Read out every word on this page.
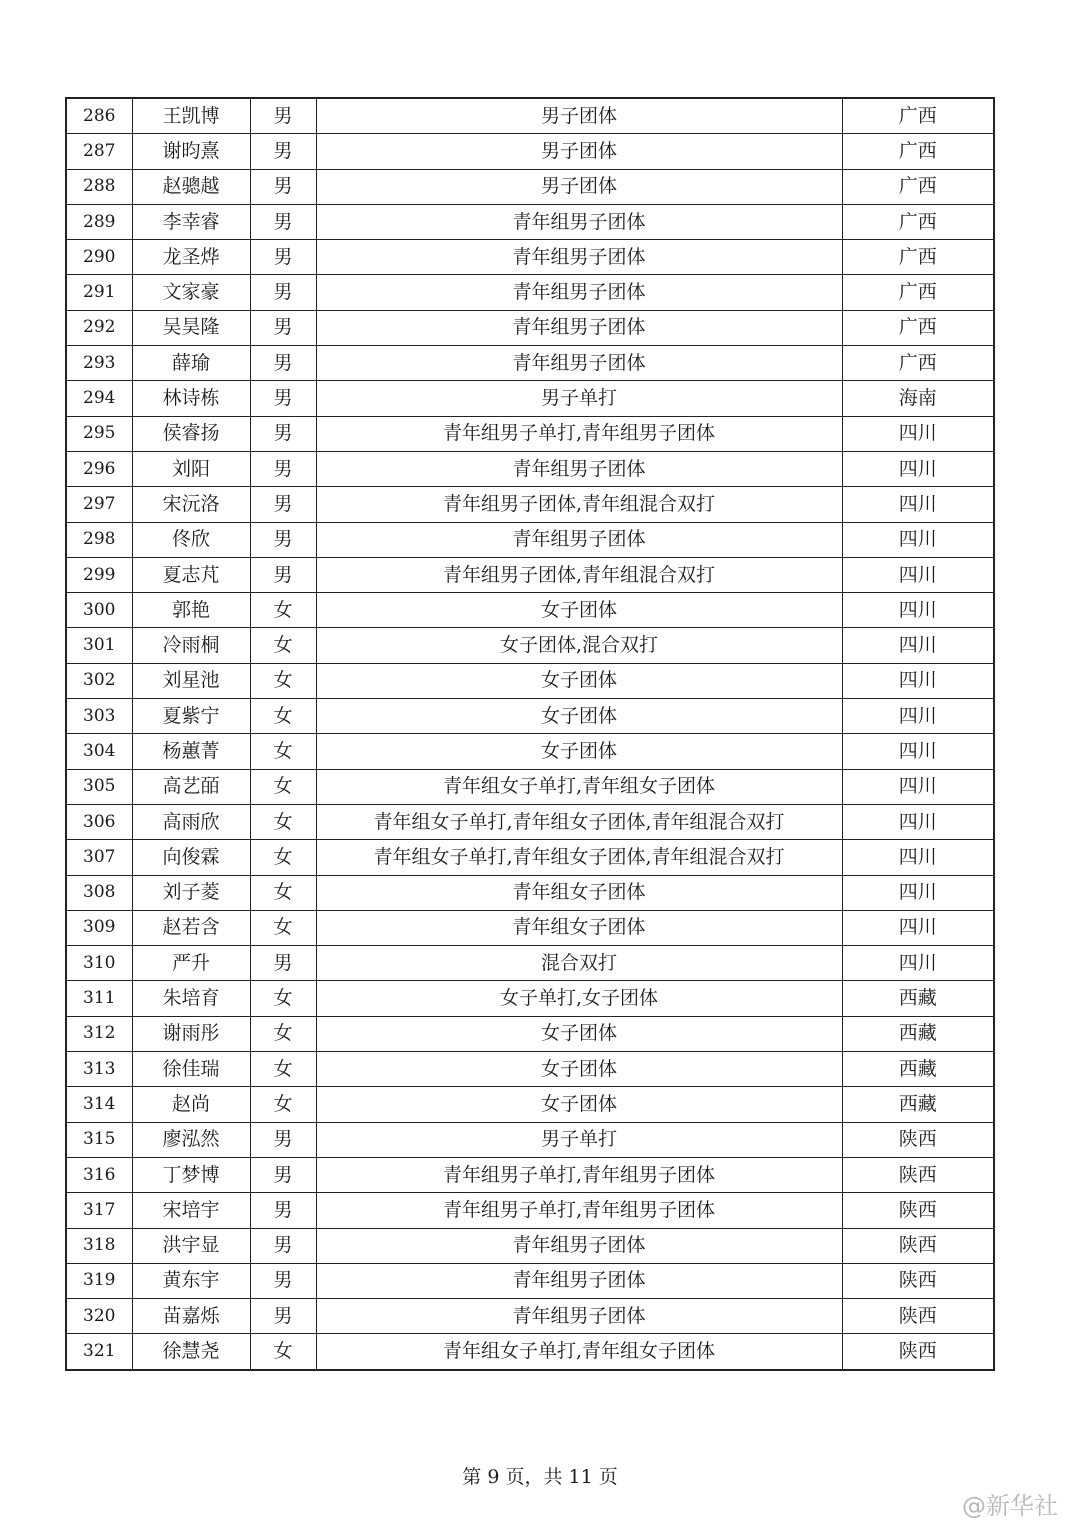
286	王凯博	男	男子团体	广西
287	谢昀熹	男	男子团体	广西
288	赵骢越	男	男子团体	广西
289	李幸睿	男	青年组男子团体	广西
290	龙圣烨	男	青年组男子团体	广西
291	文家豪	男	青年组男子团体	广西
292	吴昊隆	男	青年组男子团体	广西
293	薛瑜	男	青年组男子团体	广西
294	林诗栋	男	男子单打	海南
295	侯睿扬	男	青年组男子单打,青年组男子团体	四川
296	刘阳	男	青年组男子团体	四川
297	宋沅洛	男	青年组男子团体,青年组混合双打	四川
298	佟欣	男	青年组男子团体	四川
299	夏志芃	男	青年组男子团体,青年组混合双打	四川
300	郭艳	女	女子团体	四川
301	冷雨桐	女	女子团体,混合双打	四川
302	刘星池	女	女子团体	四川
303	夏紫宁	女	女子团体	四川
304	杨蕙菁	女	女子团体	四川
305	高艺皕	女	青年组女子单打,青年组女子团体	四川
306	高雨欣	女	青年组女子单打,青年组女子团体,青年组混合双打	四川
307	向俊霖	女	青年组女子单打,青年组女子团体,青年组混合双打	四川
308	刘子菱	女	青年组女子团体	四川
309	赵若含	女	青年组女子团体	四川
310	严升	男	混合双打	四川
311	朱培育	女	女子单打,女子团体	西藏
312	谢雨彤	女	女子团体	西藏
313	徐佳瑞	女	女子团体	西藏
314	赵尚	女	女子团体	西藏
315	廖泓然	男	男子单打	陕西
316	丁梦博	男	青年组男子单打,青年组男子团体	陕西
317	宋培宇	男	青年组男子单打,青年组男子团体	陕西
318	洪宇显	男	青年组男子团体	陕西
319	黄东宇	男	青年组男子团体	陕西
320	苗嘉烁	男	青年组男子团体	陕西
321	徐慧尧	女	青年组女子单打,青年组女子团体	陕西
第 9 页，共 11 页
@新华社
